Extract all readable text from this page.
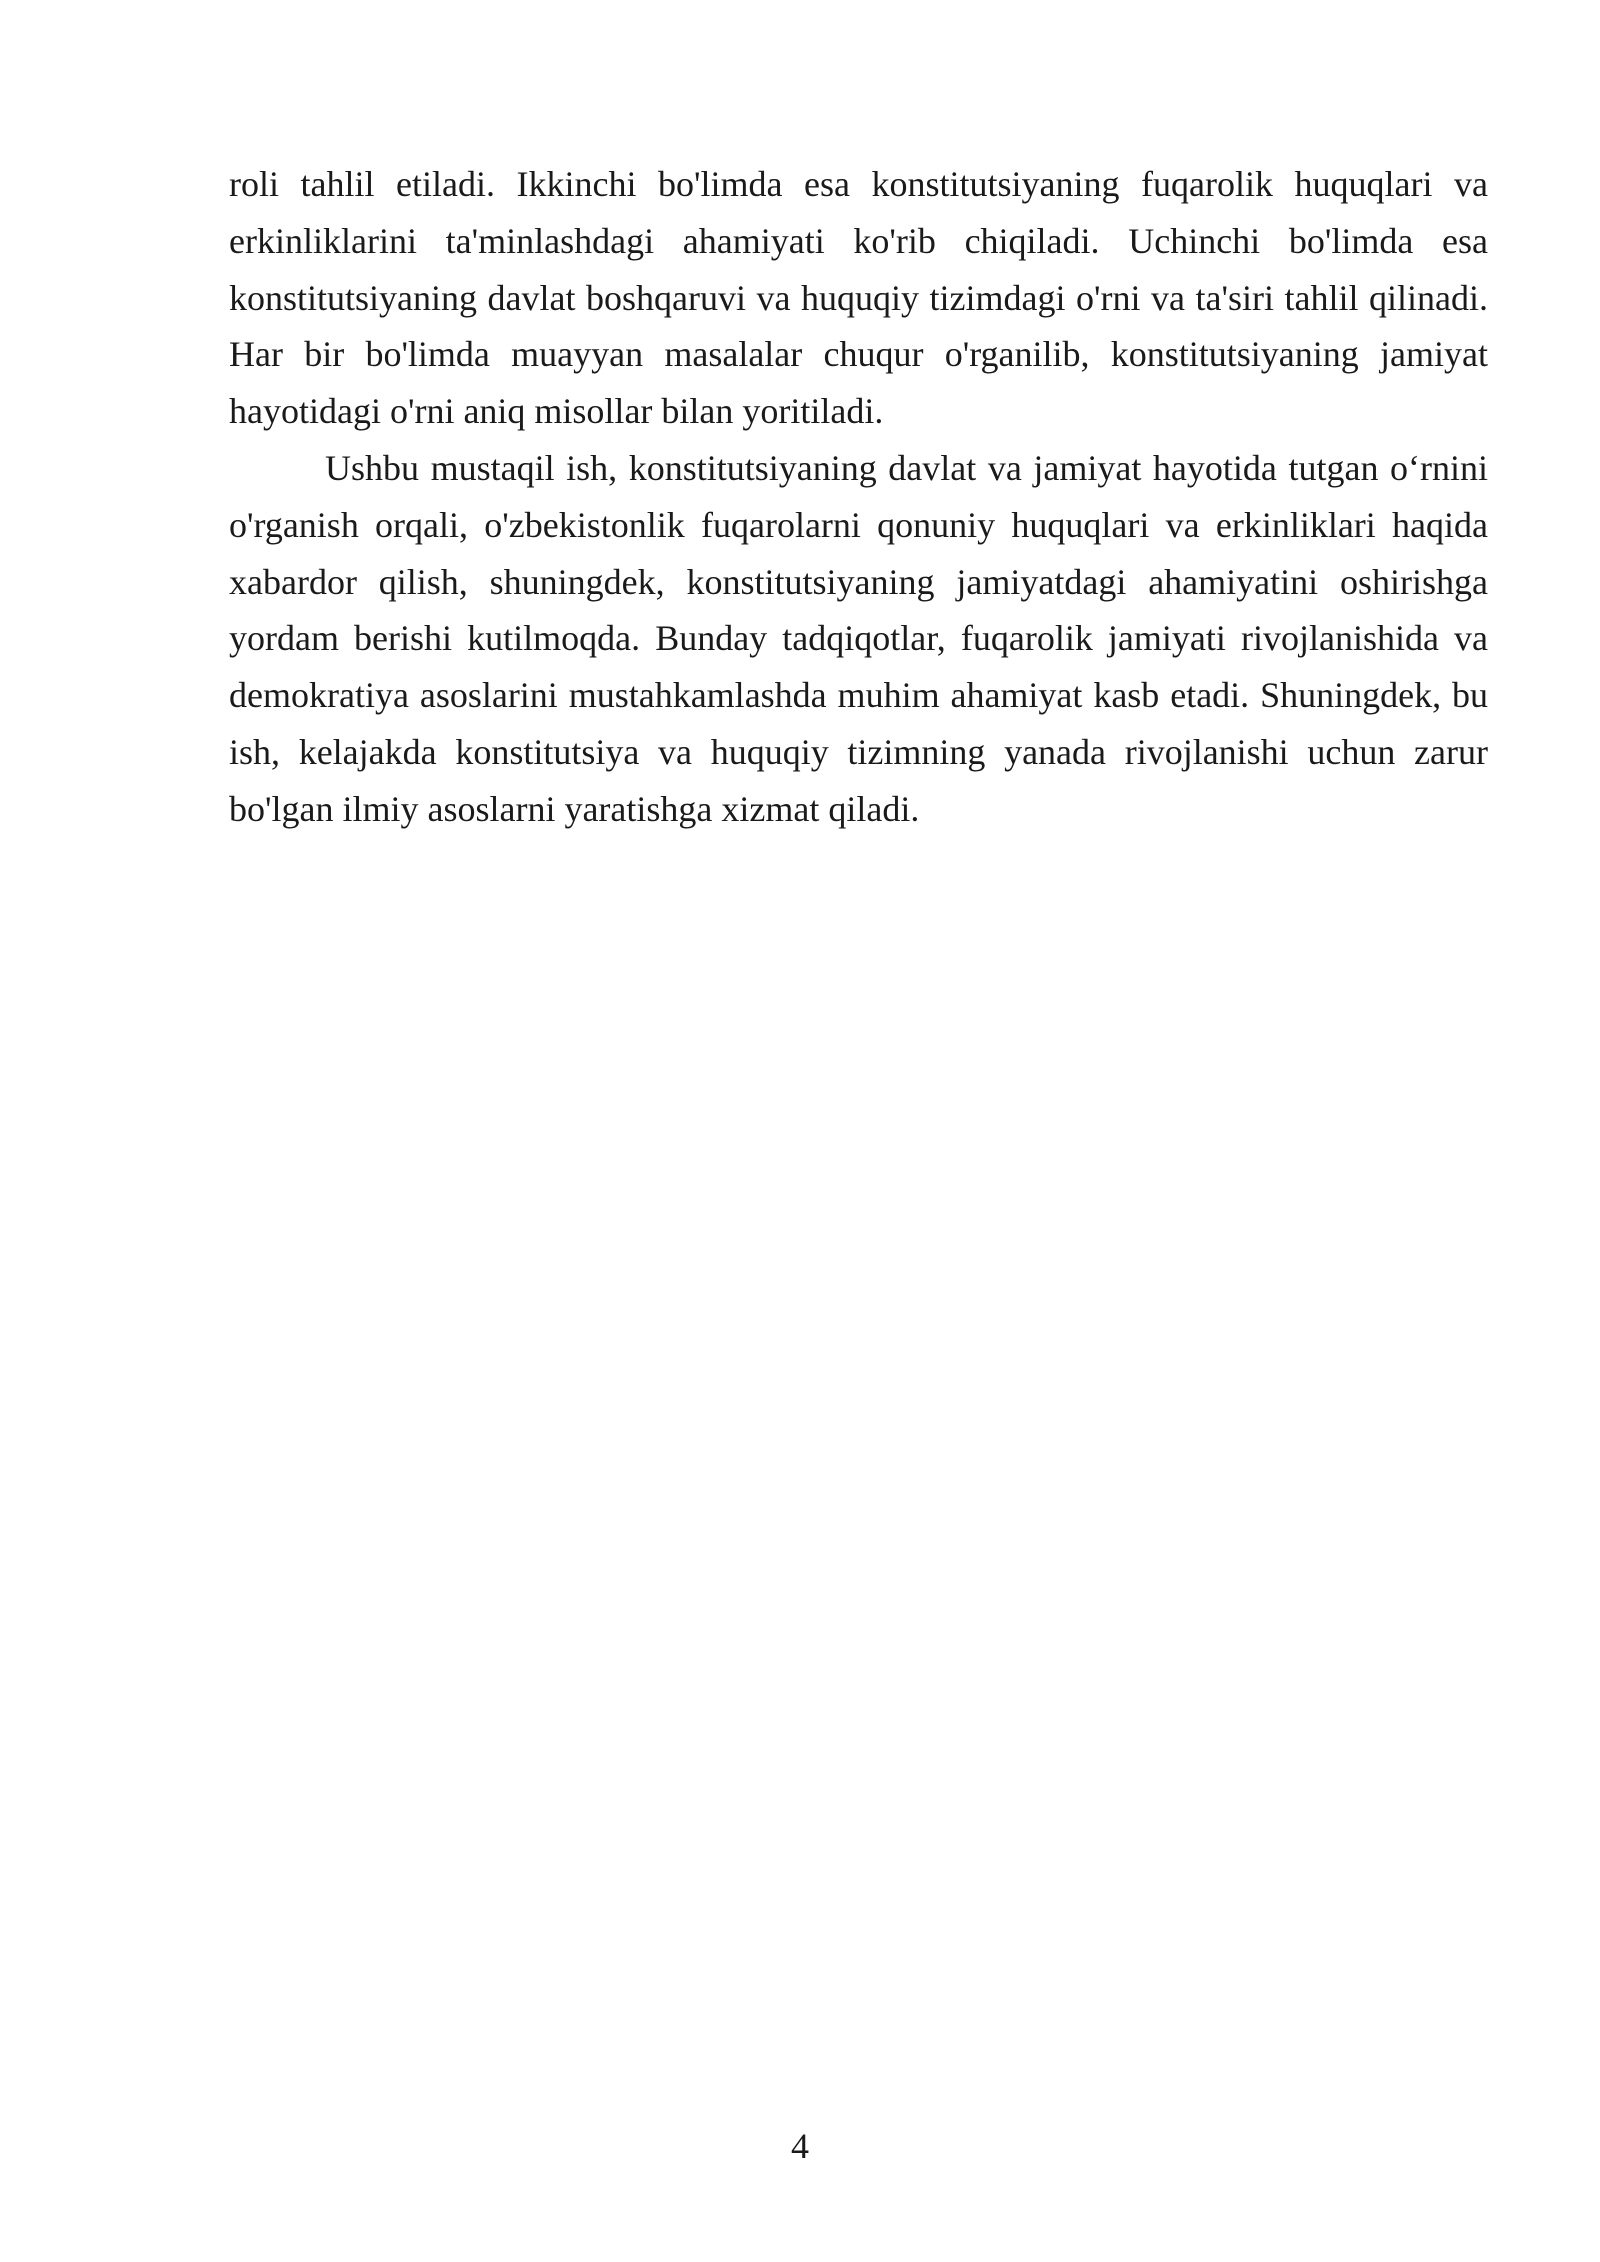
roli tahlil etiladi. Ikkinchi bo'limda esa konstitutsiyaning fuqarolik huquqlari va erkinliklarini ta'minlashdagi ahamiyati ko'rib chiqiladi. Uchinchi bo'limda esa konstitutsiyaning davlat boshqaruvi va huquqiy tizimdagi o'rni va ta'siri tahlil qilinadi. Har bir bo'limda muayyan masalalar chuqur o'rganilib, konstitutsiyaning jamiyat hayotidagi o'rni aniq misollar bilan yoritiladi.

Ushbu mustaqil ish, konstitutsiyaning davlat va jamiyat hayotida tutgan o‘rnini o'rganish orqali, o'zbekistonlik fuqarolarni qonuniy huquqlari va erkinliklari haqida xabardor qilish, shuningdek, konstitutsiyaning jamiyatdagi ahamiyatini oshirishga yordam berishi kutilmoqda. Bunday tadqiqotlar, fuqarolik jamiyati rivojlanishida va demokratiya asoslarini mustahkamlashda muhim ahamiyat kasb etadi. Shuningdek, bu ish, kelajakda konstitutsiya va huquqiy tizimning yanada rivojlanishi uchun zarur bo'lgan ilmiy asoslarni yaratishga xizmat qiladi.

4
